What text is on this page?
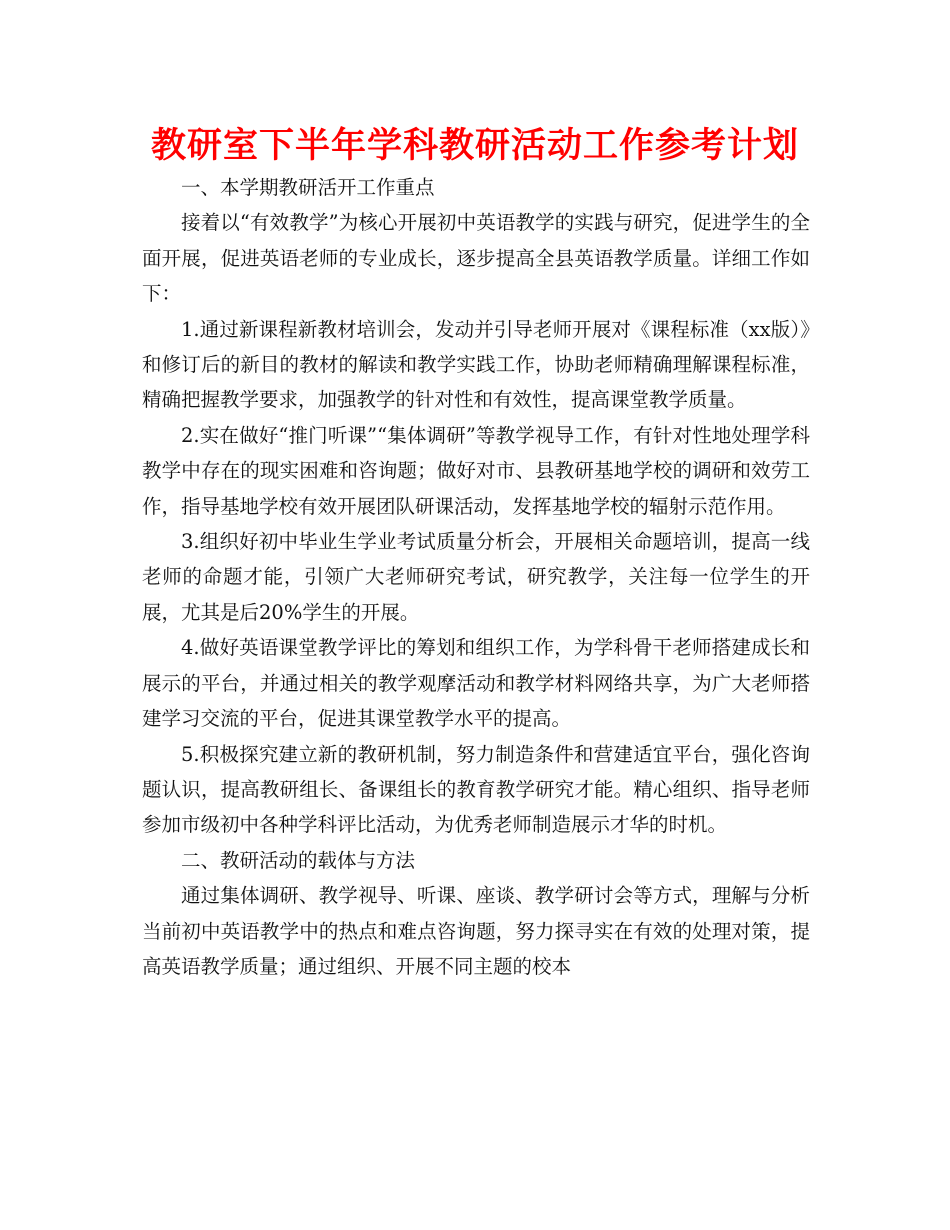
教研室下半年学科教研活动工作参考计划

一、本学期教研活开工作重点

接着以“有效教学”为核心开展初中英语教学的实践与研究，促进学生的全面开展，促进英语老师的专业成长，逐步提高全县英语教学质量。详细工作如下：

1.通过新课程新教材培训会，发动并引导老师开展对《课程标准（xx版）》和修订后的新目的教材的解读和教学实践工作，协助老师精确理解课程标准，精确把握教学要求，加强教学的针对性和有效性，提高课堂教学质量。

2.实在做好“推门听课”“集体调研”等教学视导工作，有针对性地处理学科教学中存在的现实困难和咨询题；做好对市、县教研基地学校的调研和效劳工作，指导基地学校有效开展团队研课活动，发挥基地学校的辐射示范作用。

3.组织好初中毕业生学业考试质量分析会，开展相关命题培训，提高一线老师的命题才能，引领广大老师研究考试，研究教学，关注每一位学生的开展，尤其是后20%学生的开展。

4.做好英语课堂教学评比的筹划和组织工作，为学科骨干老师搭建成长和展示的平台，并通过相关的教学观摩活动和教学材料网络共享，为广大老师搭建学习交流的平台，促进其课堂教学水平的提高。

5.积极探究建立新的教研机制，努力制造条件和营建适宜平台，强化咨询题认识，提高教研组长、备课组长的教育教学研究才能。精心组织、指导老师参加市级初中各种学科评比活动，为优秀老师制造展示才华的时机。

二、教研活动的载体与方法

通过集体调研、教学视导、听课、座谈、教学研讨会等方式，理解与分析当前初中英语教学中的热点和难点咨询题，努力探寻实在有效的处理对策，提高英语教学质量；通过组织、开展不同主题的校本
